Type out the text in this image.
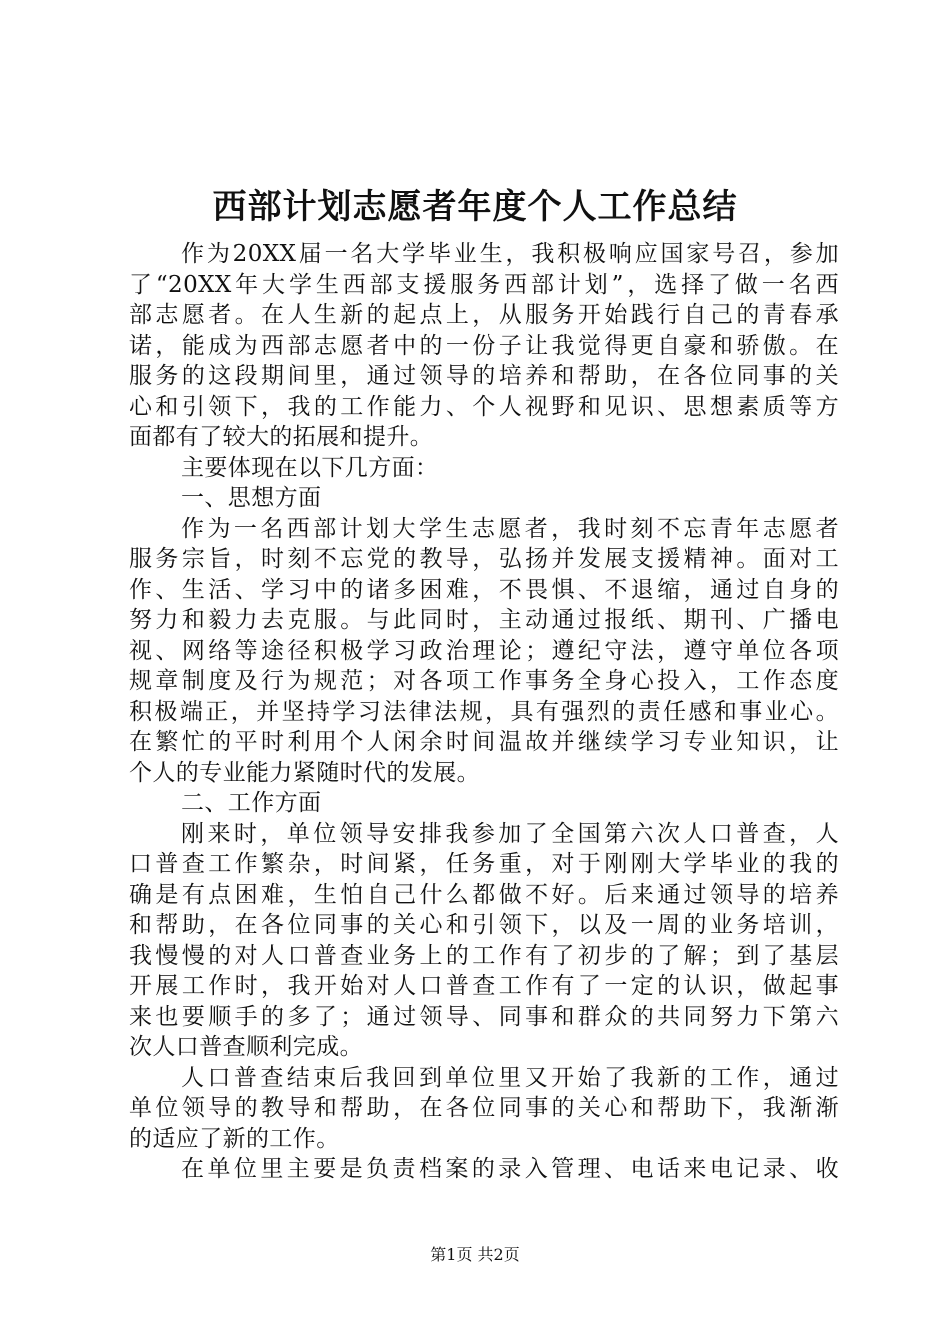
西部计划志愿者年度个人工作总结
作为20XX届一名大学毕业生，我积极响应国家号召，参加
了“20XX年大学生西部支援服务西部计划”，选择了做一名西
部志愿者。在人生新的起点上，从服务开始践行自己的青春承
诺，能成为西部志愿者中的一份子让我觉得更自豪和骄傲。在
服务的这段期间里，通过领导的培养和帮助，在各位同事的关
心和引领下，我的工作能力、个人视野和见识、思想素质等方
面都有了较大的拓展和提升。
主要体现在以下几方面：
一、思想方面
作为一名西部计划大学生志愿者，我时刻不忘青年志愿者
服务宗旨，时刻不忘党的教导，弘扬并发展支援精神。面对工
作、生活、学习中的诸多困难，不畏惧、不退缩，通过自身的
努力和毅力去克服。与此同时，主动通过报纸、期刊、广播电
视、网络等途径积极学习政治理论；遵纪守法，遵守单位各项
规章制度及行为规范；对各项工作事务全身心投入，工作态度
积极端正，并坚持学习法律法规，具有强烈的责任感和事业心。
在繁忙的平时利用个人闲余时间温故并继续学习专业知识，让
个人的专业能力紧随时代的发展。
二、工作方面
刚来时，单位领导安排我参加了全国第六次人口普查，人
口普查工作繁杂，时间紧，任务重，对于刚刚大学毕业的我的
确是有点困难，生怕自己什么都做不好。后来通过领导的培养
和帮助，在各位同事的关心和引领下，以及一周的业务培训，
我慢慢的对人口普查业务上的工作有了初步的了解；到了基层
开展工作时，我开始对人口普查工作有了一定的认识，做起事
来也要顺手的多了；通过领导、同事和群众的共同努力下第六
次人口普查顺利完成。
人口普查结束后我回到单位里又开始了我新的工作，通过
单位领导的教导和帮助，在各位同事的关心和帮助下，我渐渐
的适应了新的工作。
在单位里主要是负责档案的录入管理、电话来电记录、收
第1页 共2页
